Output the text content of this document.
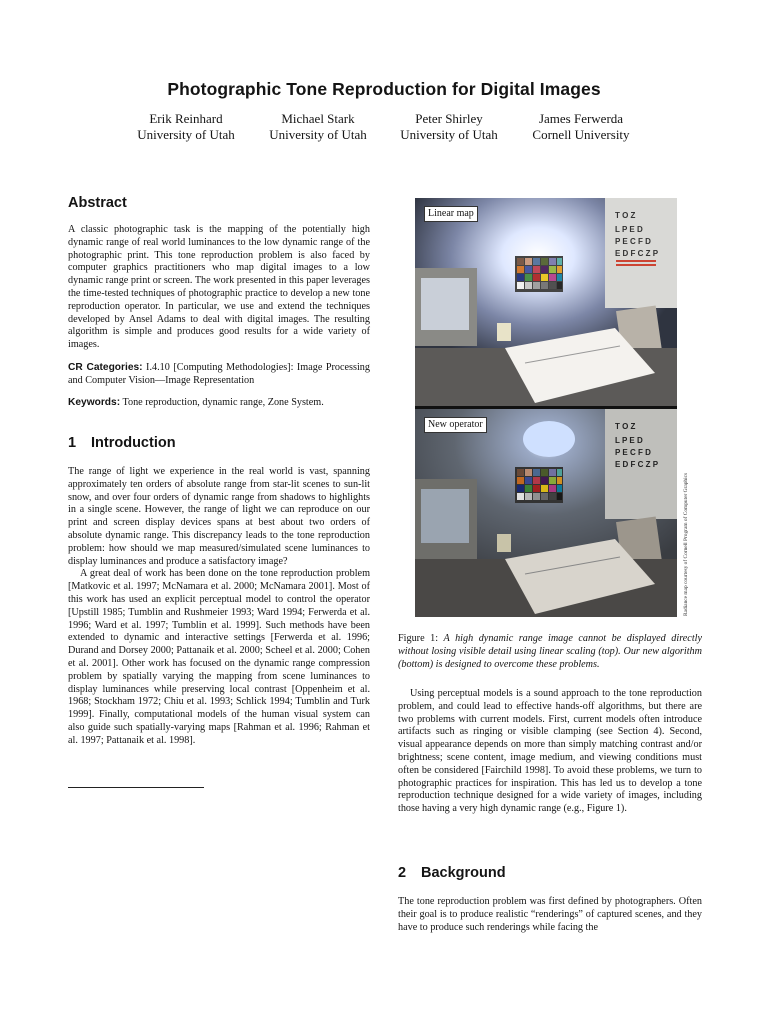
Photographic Tone Reproduction for Digital Images
Erik Reinhard
University of Utah
Michael Stark
University of Utah
Peter Shirley
University of Utah
James Ferwerda
Cornell University
Abstract

A classic photographic task is the mapping of the potentially high dynamic range of real world luminances to the low dynamic range of the photographic print. This tone reproduction problem is also faced by computer graphics practitioners who map digital images to a low dynamic range print or screen. The work presented in this paper leverages the time-tested techniques of photographic practice to develop a new tone reproduction operator. In particular, we use and extend the techniques developed by Ansel Adams to deal with digital images. The resulting algorithm is simple and produces good results for a wide variety of images.

CR Categories: I.4.10 [Computing Methodologies]: Image Processing and Computer Vision—Image Representation

Keywords: Tone reproduction, dynamic range, Zone System.

1 Introduction

The range of light we experience in the real world is vast, spanning approximately ten orders of absolute range from star-lit scenes to sun-lit snow, and over four orders of dynamic range from shadows to highlights in a single scene. However, the range of light we can reproduce on our print and screen display devices spans at best about two orders of absolute dynamic range. This discrepancy leads to the tone reproduction problem: how should we map measured/simulated scene luminances to display luminances and produce a satisfactory image?

A great deal of work has been done on the tone reproduction problem [Matkovic et al. 1997; McNamara et al. 2000; McNamara 2001]. Most of this work has used an explicit perceptual model to control the operator [Upstill 1985; Tumblin and Rushmeier 1993; Ward 1994; Ferwerda et al. 1996; Ward et al. 1997; Tumblin et al. 1999]. Such methods have been extended to dynamic and interactive settings [Ferwerda et al. 1996; Durand and Dorsey 2000; Pattanaik et al. 2000; Scheel et al. 2000; Cohen et al. 2001]. Other work has focused on the dynamic range compression problem by spatially varying the mapping from scene luminances to display luminances while preserving local contrast [Oppenheim et al. 1968; Stockham 1972; Chiu et al. 1993; Schlick 1994; Tumblin and Turk 1999]. Finally, computational models of the human visual system can also guide such spatially-varying maps [Rahman et al. 1996; Rahman et al. 1997; Pattanaik et al. 1998].

T O Z
L P E D
P E C F D
E D F C Z P
Linear map
T O Z
L P E D
P E C F D
E D F C Z P
New operator
Radiance map courtesy of Cornell Program of Computer Graphics

Figure 1: A high dynamic range image cannot be displayed directly without losing visible detail using linear scaling (top). Our new algorithm (bottom) is designed to overcome these problems.

Using perceptual models is a sound approach to the tone reproduction problem, and could lead to effective hands-off algorithms, but there are two problems with current models. First, current models often introduce artifacts such as ringing or visible clamping (see Section 4). Second, visual appearance depends on more than simply matching contrast and/or brightness; scene content, image medium, and viewing conditions must often be considered [Fairchild 1998]. To avoid these problems, we turn to photographic practices for inspiration. This has led us to develop a tone reproduction technique designed for a wide variety of images, including those having a very high dynamic range (e.g., Figure 1).

2 Background

The tone reproduction problem was first defined by photographers. Often their goal is to produce realistic “renderings” of captured scenes, and they have to produce such renderings while facing the
